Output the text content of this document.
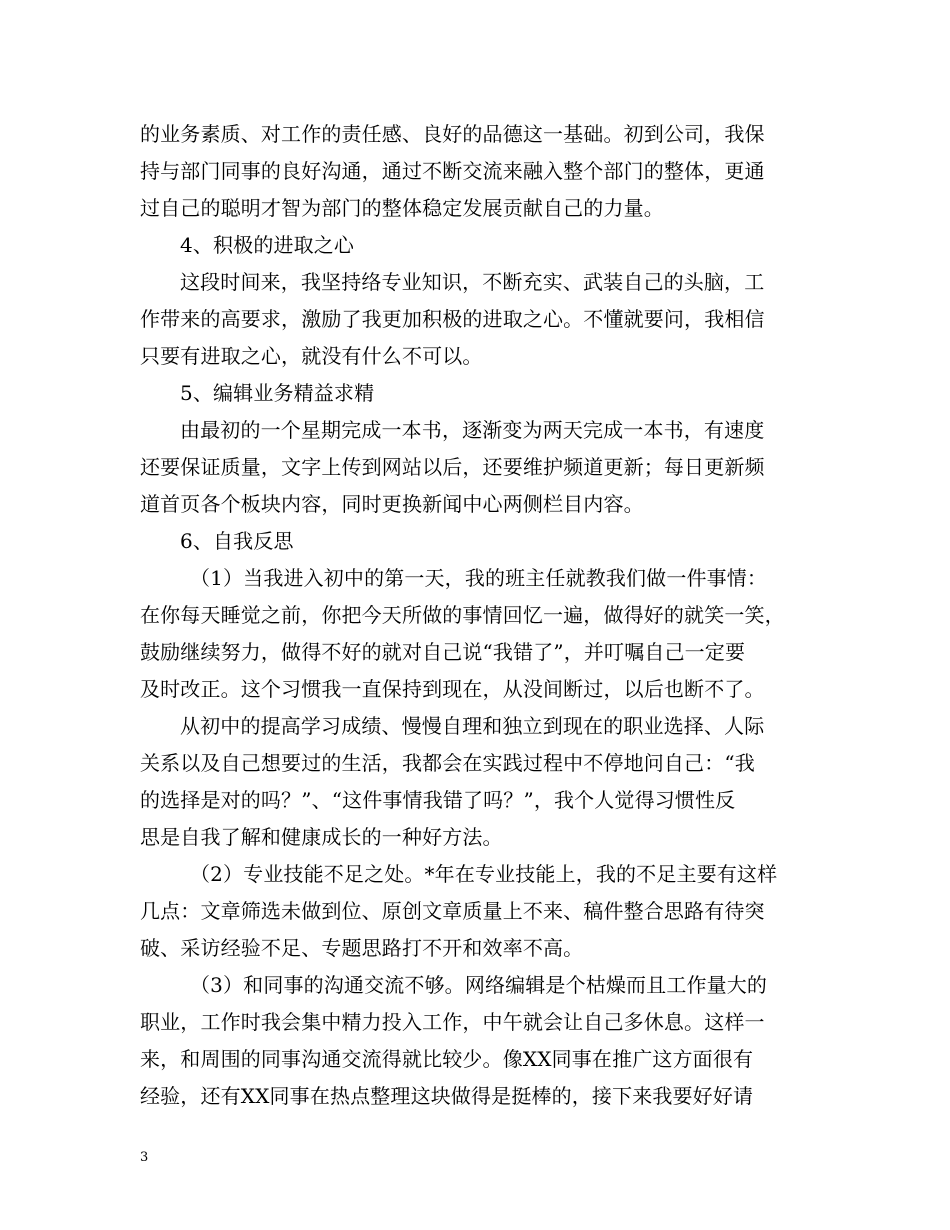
的业务素质、对工作的责任感、良好的品德这一基础。初到公司，我保
持与部门同事的良好沟通，通过不断交流来融入整个部门的整体，更通
过自己的聪明才智为部门的整体稳定发展贡献自己的力量。
4、积极的进取之心
这段时间来，我坚持络专业知识，不断充实、武装自己的头脑，工
作带来的高要求，激励了我更加积极的进取之心。不懂就要问，我相信
只要有进取之心，就没有什么不可以。
5、编辑业务精益求精
由最初的一个星期完成一本书，逐渐变为两天完成一本书，有速度
还要保证质量，文字上传到网站以后，还要维护频道更新；每日更新频
道首页各个板块内容，同时更换新闻中心两侧栏目内容。
6、自我反思
（1）当我进入初中的第一天，我的班主任就教我们做一件事情：
在你每天睡觉之前，你把今天所做的事情回忆一遍，做得好的就笑一笑，
鼓励继续努力，做得不好的就对自己说“我错了”，并叮嘱自己一定要
及时改正。这个习惯我一直保持到现在，从没间断过，以后也断不了。
从初中的提高学习成绩、慢慢自理和独立到现在的职业选择、人际
关系以及自己想要过的生活，我都会在实践过程中不停地问自己：“我
的选择是对的吗？”、“这件事情我错了吗？”，我个人觉得习惯性反
思是自我了解和健康成长的一种好方法。
（2）专业技能不足之处。*年在专业技能上，我的不足主要有这样
几点：文章筛选未做到位、原创文章质量上不来、稿件整合思路有待突
破、采访经验不足、专题思路打不开和效率不高。
（3）和同事的沟通交流不够。网络编辑是个枯燥而且工作量大的
职业，工作时我会集中精力投入工作，中午就会让自己多休息。这样一
来，和周围的同事沟通交流得就比较少。像XX同事在推广这方面很有
经验，还有XX同事在热点整理这块做得是挺棒的，接下来我要好好请
3
